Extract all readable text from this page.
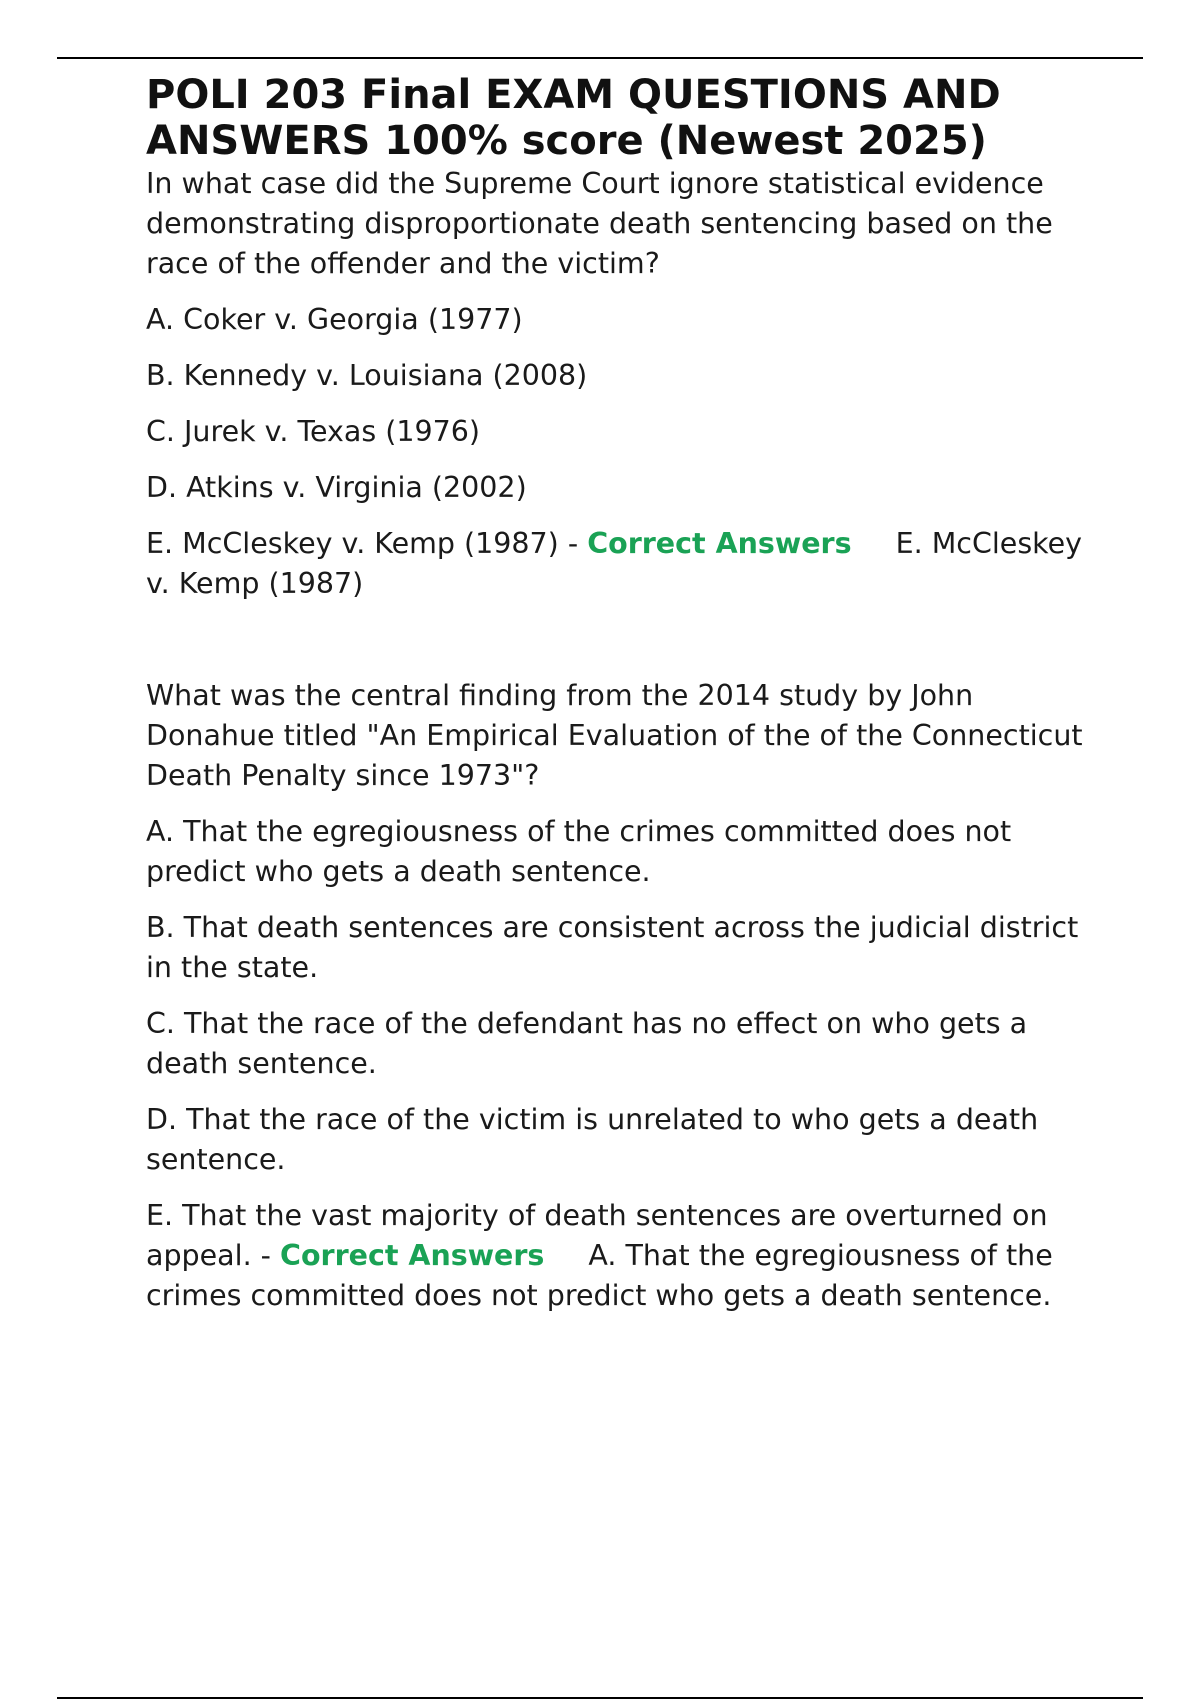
POLI 203 Final EXAM QUESTIONS AND ANSWERS 100% score (Newest 2025)

In what case did the Supreme Court ignore statistical evidence demonstrating disproportionate death sentencing based on the race of the offender and the victim?

A. Coker v. Georgia (1977)

B. Kennedy v. Louisiana (2008)

C. Jurek v. Texas (1976)

D. Atkins v. Virginia (2002)

E. McCleskey v. Kemp (1987) - Correct Answers E. McCleskey v. Kemp (1987)

What was the central finding from the 2014 study by John Donahue titled "An Empirical Evaluation of the of the Connecticut Death Penalty since 1973"?

A. That the egregiousness of the crimes committed does not predict who gets a death sentence.

B. That death sentences are consistent across the judicial district in the state.

C. That the race of the defendant has no effect on who gets a death sentence.

D. That the race of the victim is unrelated to who gets a death sentence.

E. That the vast majority of death sentences are overturned on appeal. - Correct Answers A. That the egregiousness of the crimes committed does not predict who gets a death sentence.
